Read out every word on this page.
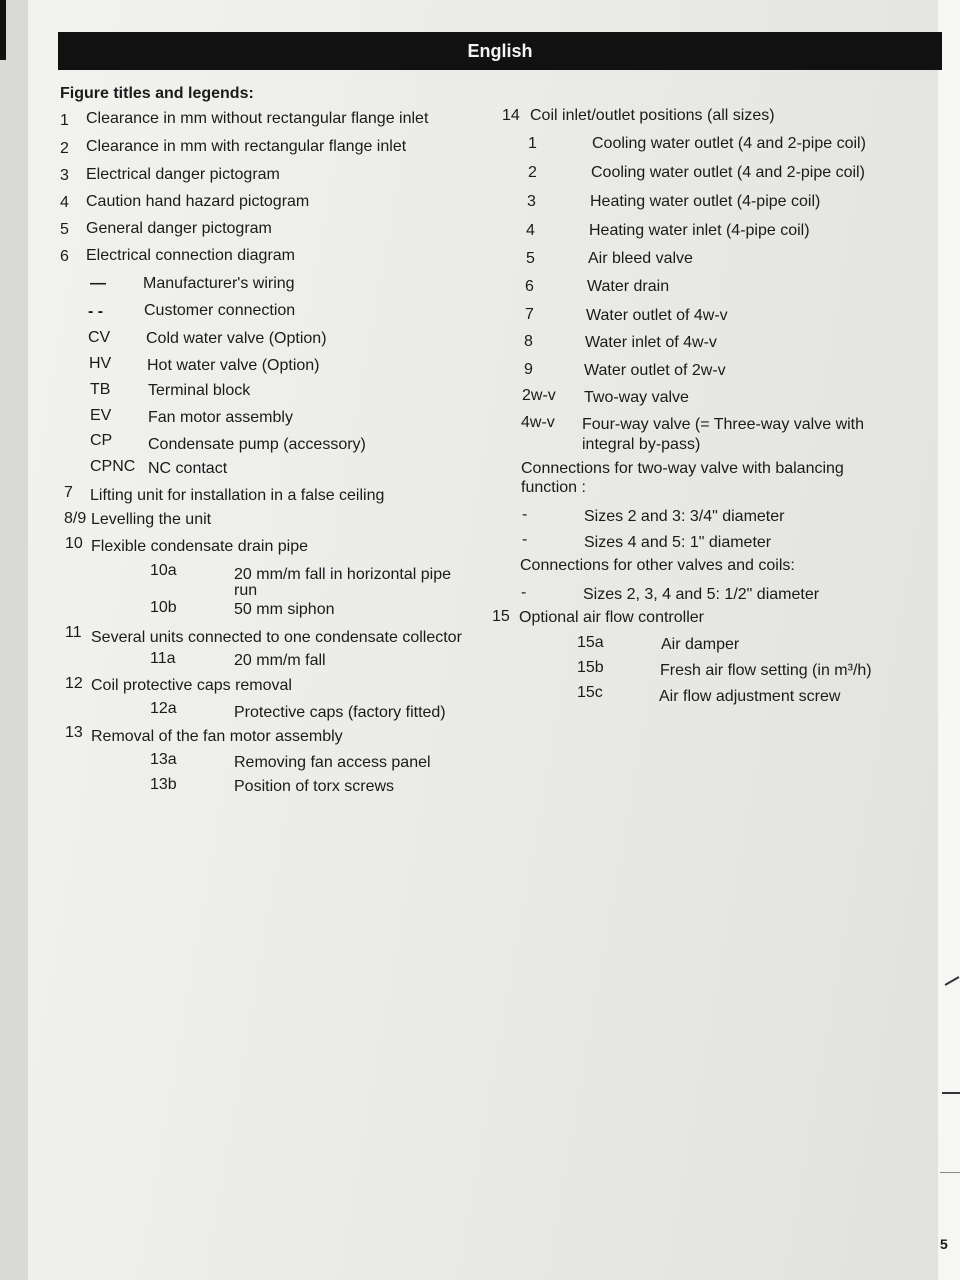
English
Figure titles and legends:
1 Clearance in mm without rectangular flange inlet
2 Clearance in mm with rectangular flange inlet
3 Electrical danger pictogram
4 Caution hand hazard pictogram
5 General danger pictogram
6 Electrical connection diagram
— Manufacturer's wiring
- -	Customer connection
CV Cold water valve (Option)
HV Hot water valve (Option)
TB Terminal block
EV Fan motor assembly
CP Condensate pump (accessory)
CPNC NC contact
7 Lifting unit for installation in a false ceiling
8/9 Levelling the unit
10 Flexible condensate drain pipe
10a	20 mm/m fall in horizontal pipe
run
10b	50 mm siphon
11 Several units connected to one condensate collector
11a	20 mm/m fall
12 Coil protective caps removal
12a	Protective caps (factory fitted)
13 Removal of the fan motor assembly
13a	Removing fan access panel
13b	Position of torx screws
14 Coil inlet/outlet positions (all sizes)
1	Cooling water outlet (4 and 2-pipe coil)
2	Cooling water outlet (4 and 2-pipe coil)
3	Heating water outlet (4-pipe coil)
4	Heating water inlet (4-pipe coil)
5	Air bleed valve
6	Water drain
7	Water outlet of 4w-v
8	Water inlet of 4w-v
9	Water outlet of 2w-v
2w-v Two-way valve
4w-v Four-way valve (= Three-way valve with
integral by-pass)
Connections for two-way valve with balancing
function :
-	Sizes 2 and 3: 3/4" diameter
-	Sizes 4 and 5: 1" diameter
Connections for other valves and coils:
-	Sizes 2, 3, 4 and 5: 1/2" diameter
15 Optional air flow controller
15a	Air damper
15b	Fresh air flow setting (in m³/h)
15c	Air flow adjustment screw
5
